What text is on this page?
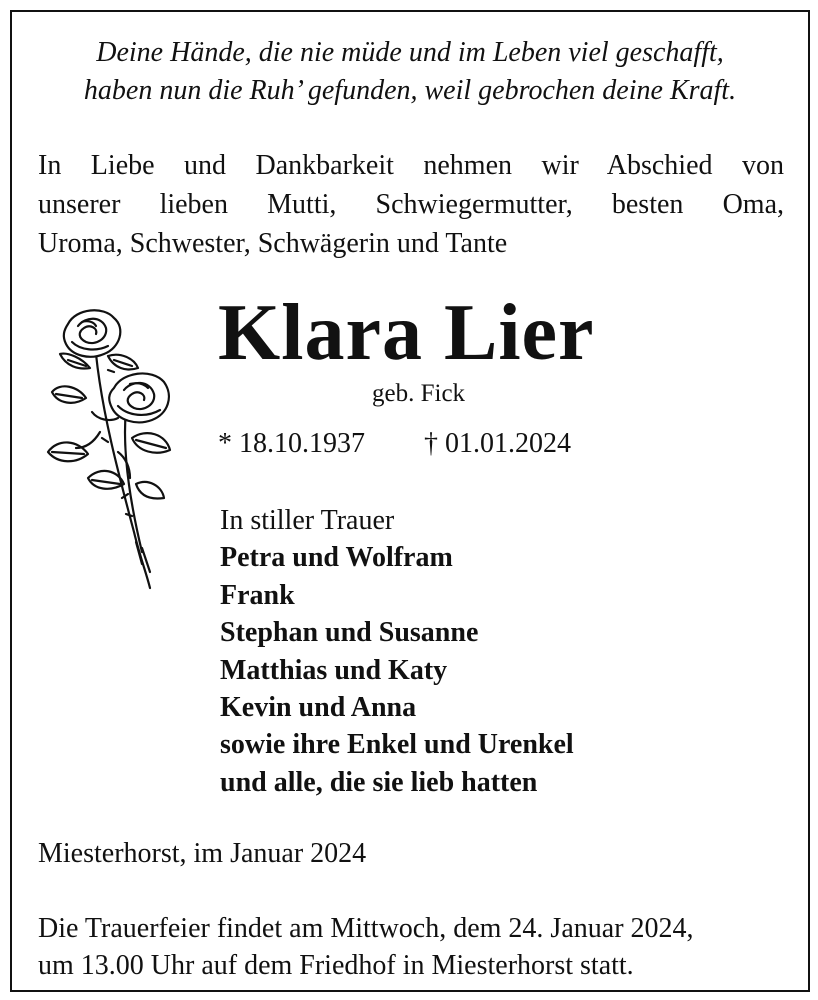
Deine Hände, die nie müde und im Leben viel geschafft,
haben nun die Ruh’ gefunden, weil gebrochen deine Kraft.
In Liebe und Dankbarkeit nehmen wir Abschied von
unserer lieben Mutti, Schwiegermutter, besten Oma,
Uroma, Schwester, Schwägerin und Tante
Klara Lier
geb. Fick
* 18.10.1937 † 01.01.2024
In stiller Trauer
Petra und Wolfram
Frank
Stephan und Susanne
Matthias und Katy
Kevin und Anna
sowie ihre Enkel und Urenkel
und alle, die sie lieb hatten
Miesterhorst, im Januar 2024
Die Trauerfeier findet am Mittwoch, dem 24. Januar 2024,
um 13.00 Uhr auf dem Friedhof in Miesterhorst statt.
